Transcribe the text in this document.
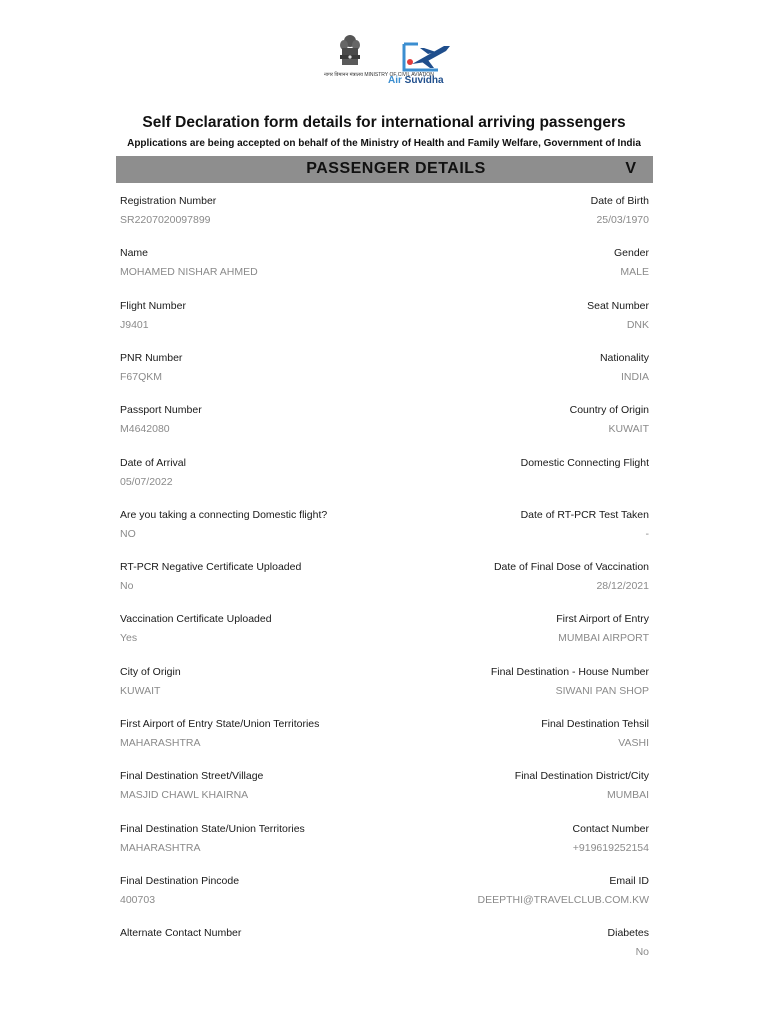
नागर विमानन मंत्रालय MINISTRY OF CIVIL AVIATION
Air Suvidha
Self Declaration form details for international arriving passengers
Applications are being accepted on behalf of the Ministry of Health and Family Welfare, Government of India
PASSENGER DETAILS	V
Registration Number
SR2207020097899
Date of Birth
25/03/1970
Name
MOHAMED NISHAR AHMED
Gender
MALE
Flight Number
J9401
Seat Number
DNK
PNR Number
F67QKM
Nationality
INDIA
Passport Number
M4642080
Country of Origin
KUWAIT
Date of Arrival
05/07/2022
Domestic Connecting Flight
Are you taking a connecting Domestic flight?
NO
Date of RT-PCR Test Taken
-
RT-PCR Negative Certificate Uploaded
No
Date of Final Dose of Vaccination
28/12/2021
Vaccination Certificate Uploaded
Yes
First Airport of Entry
MUMBAI AIRPORT
City of Origin
KUWAIT
Final Destination - House Number
SIWANI PAN SHOP
First Airport of Entry State/Union Territories
MAHARASHTRA
Final Destination Tehsil
VASHI
Final Destination Street/Village
MASJID CHAWL KHAIRNA
Final Destination District/City
MUMBAI
Final Destination State/Union Territories
MAHARASHTRA
Contact Number
+919619252154
Final Destination Pincode
400703
Email ID
DEEPTHI@TRAVELCLUB.COM.KW
Alternate Contact Number	Diabetes
No
